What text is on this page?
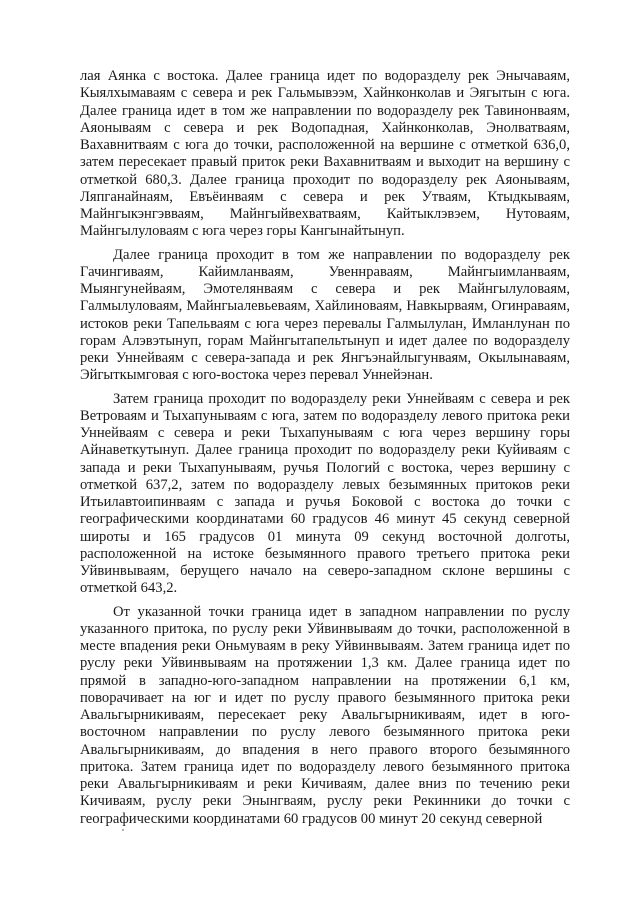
лая Аянка с востока. Далее граница идет по водоразделу рек Энычаваям, Кыялхымаваям с севера и рек Гальмывээм, Хайнконколав и Эягытын с юга. Далее граница идет в том же направлении по водоразделу рек Тавинонваям, Аяонываям с севера и рек Водопадная, Хайнконколав, Энолватваям, Вахавнитваям с юга до точки, расположенной на вершине с отметкой 636,0, затем пересекает правый приток реки Вахавнитваям и выходит на вершину с отметкой 680,3. Далее граница проходит по водоразделу рек Аяонываям, Ляпганайнаям, Евъёинваям с севера и рек Утваям, Ктыдкываям, Майнгыкэнгэвваям, Майнгыйвехватваям, Кайтыклэвэем, Нутоваям, Майнгылуловаям с юга через горы Кангынайтынуп.

Далее граница проходит в том же направлении по водоразделу рек Гачингиваям, Кайимланваям, Увеннраваям, Майнгыимланваям, Мыянгунейваям, Эмотелянваям с севера и рек Майнгылуловаям, Галмылуловаям, Майнгыалевьеваям, Хайлиноваям, Навкырваям, Огинраваям, истоков реки Тапельваям с юга через перевалы Галмылулан, Имланлунан по горам Алэвэтынуп, горам Майнгытапельтынуп и идет далее по водоразделу реки Уннейваям с севера-запада и рек Янгъэнайлыгунваям, Окылынаваям, Эйгыткымговая с юго-востока через перевал Уннейэнан.

Затем граница проходит по водоразделу реки Уннейваям с севера и рек Ветроваям и Тыхапунываям с юга, затем по водоразделу левого притока реки Уннейваям с севера и реки Тыхапунываям с юга через вершину горы Айнаветкутынуп. Далее граница проходит по водоразделу реки Куйиваям с запада и реки Тыхапунываям, ручья Пологий с востока, через вершину с отметкой 637,2, затем по водоразделу левых безымянных притоков реки Итьилавтоипинваям с запада и ручья Боковой с востока до точки с географическими координатами 60 градусов 46 минут 45 секунд северной широты и 165 градусов 01 минута 09 секунд восточной долготы, расположенной на истоке безымянного правого третьего притока реки Уйвинвываям, берущего начало на северо-западном склоне вершины с отметкой 643,2.

От указанной точки граница идет в западном направлении по руслу указанного притока, по руслу реки Уйвинвываям до точки, расположенной в месте впадения реки Оньмуваям в реку Уйвинвываям. Затем граница идет по руслу реки Уйвинвываям на протяжении 1,3 км. Далее граница идет по прямой в западно-юго-западном направлении на протяжении 6,1 км, поворачивает на юг и идет по руслу правого безымянного притока реки Авальгырникиваям, пересекает реку Авальгырникиваям, идет в юго-восточном направлении по руслу левого безымянного притока реки Авальгырникиваям, до впадения в него правого второго безымянного притока. Затем граница идет по водоразделу левого безымянного притока реки Авальгырникиваям и реки Кичиваям, далее вниз по течению реки Кичиваям, руслу реки Энынгваям, руслу реки Рекинники до точки с географическими координатами 60 градусов 00 минут 20 секунд северной
